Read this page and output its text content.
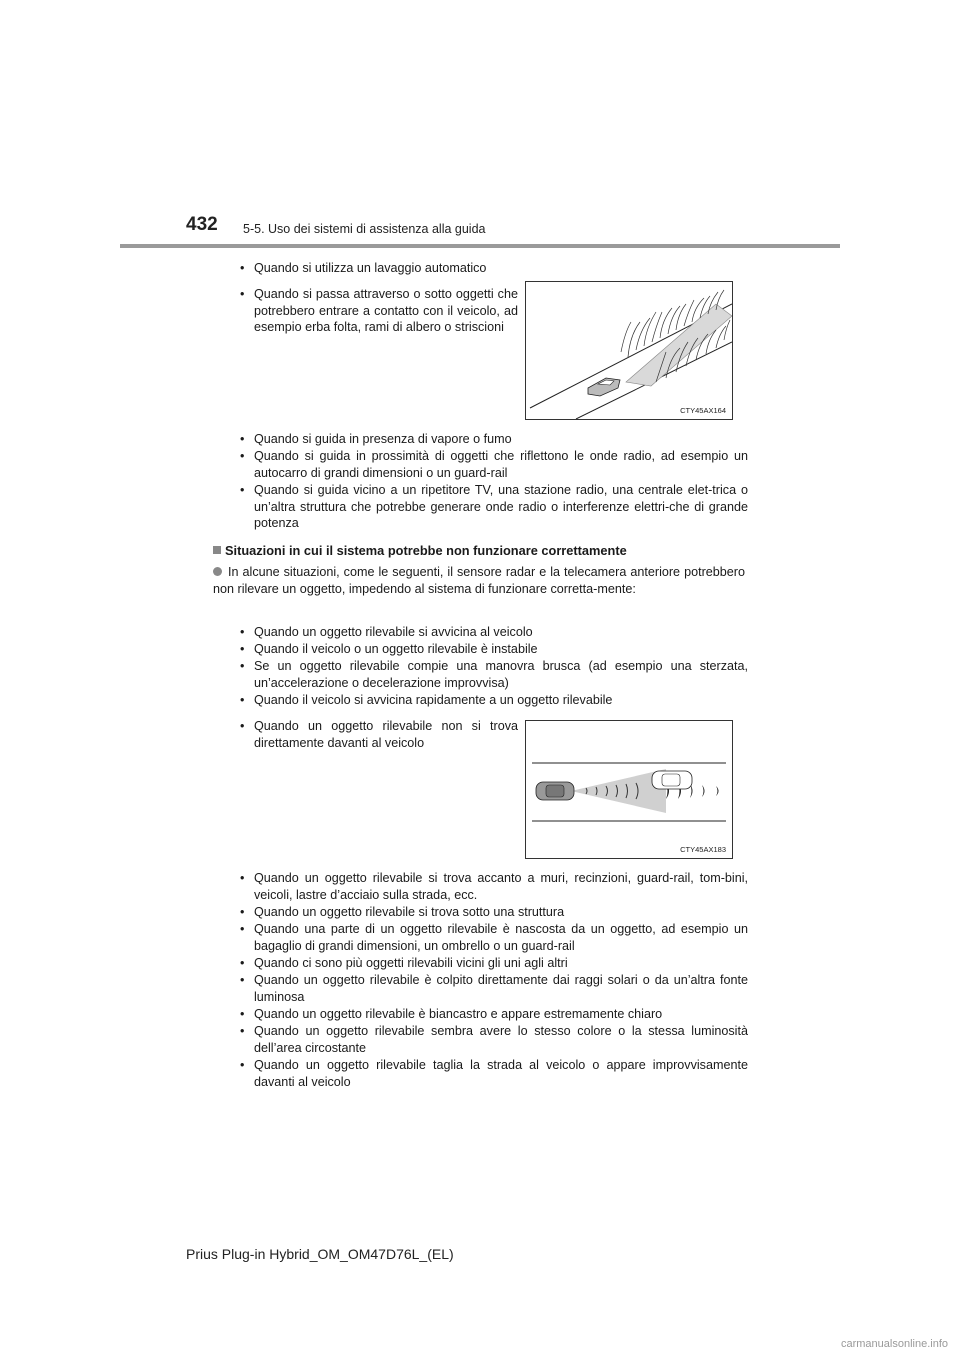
432 5-5. Uso dei sistemi di assistenza alla guida
• Quando si utilizza un lavaggio automatico
• Quando si passa attraverso o sotto oggetti che potrebbero entrare a contatto con il veicolo, ad esempio erba folta, rami di albero o striscioni
CTY45AX164
• Quando si guida in presenza di vapore o fumo
• Quando si guida in prossimità di oggetti che riflettono le onde radio, ad esempio un autocarro di grandi dimensioni o un guard-rail
• Quando si guida vicino a un ripetitore TV, una stazione radio, una centrale elet-trica o un’altra struttura che potrebbe generare onde radio o interferenze elettri-che di grande potenza
Situazioni in cui il sistema potrebbe non funzionare correttamente
In alcune situazioni, come le seguenti, il sensore radar e la telecamera anteriore potrebbero non rilevare un oggetto, impedendo al sistema di funzionare corretta-mente:
• Quando un oggetto rilevabile si avvicina al veicolo
• Quando il veicolo o un oggetto rilevabile è instabile
• Se un oggetto rilevabile compie una manovra brusca (ad esempio una sterzata, un’accelerazione o decelerazione improvvisa)
• Quando il veicolo si avvicina rapidamente a un oggetto rilevabile
• Quando un oggetto rilevabile non si trova direttamente davanti al veicolo
CTY45AX183
• Quando un oggetto rilevabile si trova accanto a muri, recinzioni, guard-rail, tom-bini, veicoli, lastre d’acciaio sulla strada, ecc.
• Quando un oggetto rilevabile si trova sotto una struttura
• Quando una parte di un oggetto rilevabile è nascosta da un oggetto, ad esempio un bagaglio di grandi dimensioni, un ombrello o un guard-rail
• Quando ci sono più oggetti rilevabili vicini gli uni agli altri
• Quando un oggetto rilevabile è colpito direttamente dai raggi solari o da un’altra fonte luminosa
• Quando un oggetto rilevabile è biancastro e appare estremamente chiaro
• Quando un oggetto rilevabile sembra avere lo stesso colore o la stessa luminosità dell’area circostante
• Quando un oggetto rilevabile taglia la strada al veicolo o appare improvvisamente davanti al veicolo
Prius Plug-in Hybrid_OM_OM47D76L_(EL)
carmanualsonline.info
